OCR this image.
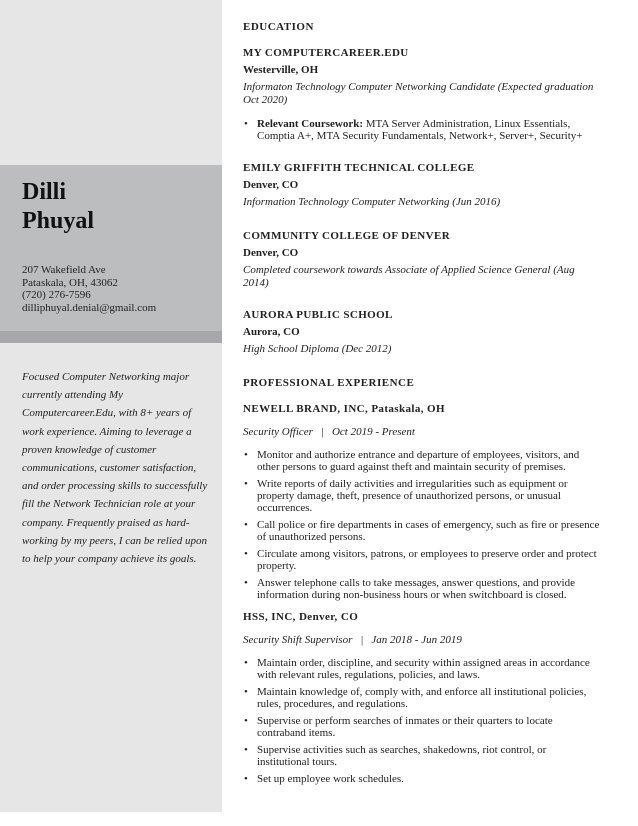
Dilli
Phuyal
207 Wakefield Ave
Pataskala, OH, 43062
(720) 276-7596
dilliphuyal.denial@gmail.com
Focused Computer Networking major currently attending My Computercareer.Edu, with 8+ years of work experience. Aiming to leverage a proven knowledge of customer communications, customer satisfaction, and order processing skills to successfully fill the Network Technician role at your company. Frequently praised as hard-working by my peers, I can be relied upon to help your company achieve its goals.
EDUCATION
MY COMPUTERCAREER.EDU
Westerville, OH
Informaton Technology Computer Networking Candidate (Expected graduation Oct 2020)
• Relevant Coursework: MTA Server Administration, Linux Essentials, Comptia A+, MTA Security Fundamentals, Network+, Server+, Security+
EMILY GRIFFITH TECHNICAL COLLEGE
Denver, CO
Information Technology Computer Networking (Jun 2016)
COMMUNITY COLLEGE OF DENVER
Denver, CO
Completed coursework towards Associate of Applied Science General (Aug 2014)
AURORA PUBLIC SCHOOL
Aurora, CO
High School Diploma (Dec 2012)
PROFESSIONAL EXPERIENCE
NEWELL BRAND, INC, Pataskala, OH
Security Officer | Oct 2019 - Present
• Monitor and authorize entrance and departure of employees, visitors, and other persons to guard against theft and maintain security of premises.
• Write reports of daily activities and irregularities such as equipment or property damage, theft, presence of unauthorized persons, or unusual occurrences.
• Call police or fire departments in cases of emergency, such as fire or presence of unauthorized persons.
• Circulate among visitors, patrons, or employees to preserve order and protect property.
• Answer telephone calls to take messages, answer questions, and provide information during non-business hours or when switchboard is closed.
HSS, INC, Denver, CO
Security Shift Supervisor | Jan 2018 - Jun 2019
• Maintain order, discipline, and security within assigned areas in accordance with relevant rules, regulations, policies, and laws.
• Maintain knowledge of, comply with, and enforce all institutional policies, rules, procedures, and regulations.
• Supervise or perform searches of inmates or their quarters to locate contraband items.
• Supervise activities such as searches, shakedowns, riot control, or institutional tours.
• Set up employee work schedules.
